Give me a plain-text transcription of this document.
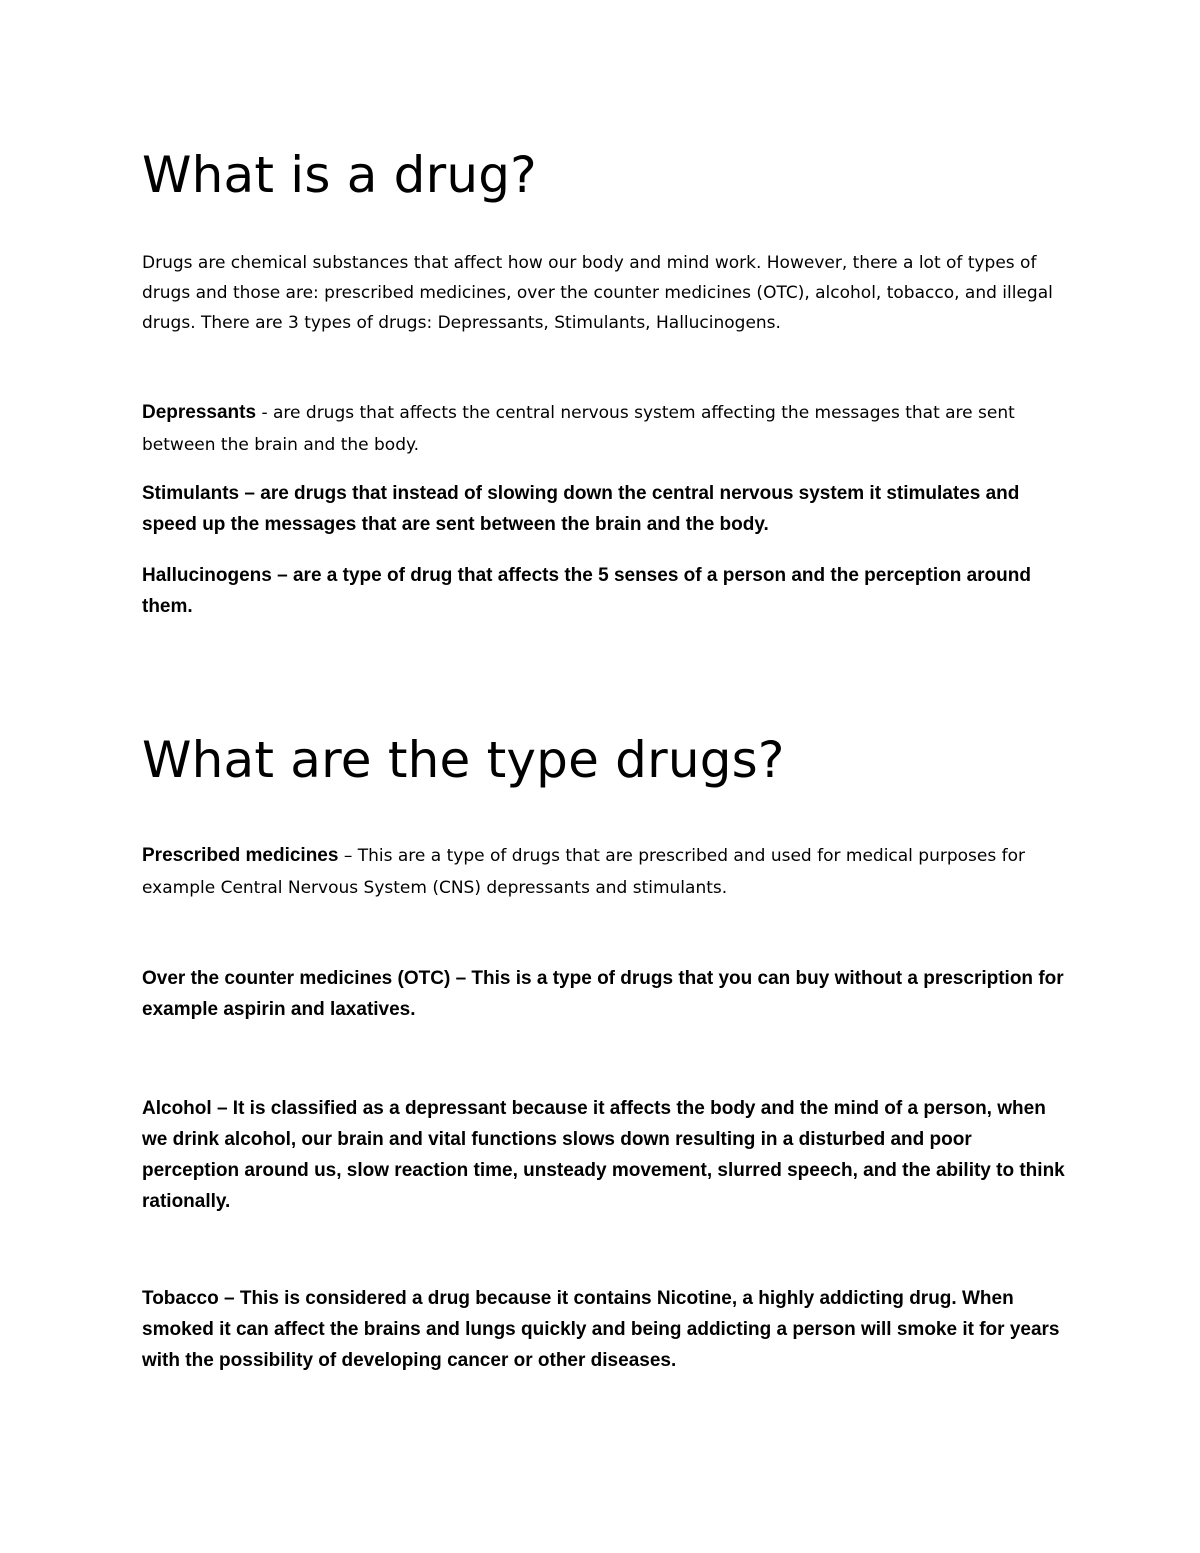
What is a drug?

Drugs are chemical substances that affect how our body and mind work. However, there a lot of types of drugs and those are: prescribed medicines, over the counter medicines (OTC), alcohol, tobacco, and illegal drugs. There are 3 types of drugs: Depressants, Stimulants, Hallucinogens.

Depressants - are drugs that affects the central nervous system affecting the messages that are sent between the brain and the body.

Stimulants – are drugs that instead of slowing down the central nervous system it stimulates and speed up the messages that are sent between the brain and the body.

Hallucinogens – are a type of drug that affects the 5 senses of a person and the perception around them.

What are the type drugs?

Prescribed medicines – This are a type of drugs that are prescribed and used for medical purposes for example Central Nervous System (CNS) depressants and stimulants.

Over the counter medicines (OTC) – This is a type of drugs that you can buy without a prescription for example aspirin and laxatives.

Alcohol – It is classified as a depressant because it affects the body and the mind of a person, when we drink alcohol, our brain and vital functions slows down resulting in a disturbed and poor perception around us, slow reaction time, unsteady movement, slurred speech, and the ability to think rationally.

Tobacco – This is considered a drug because it contains Nicotine, a highly addicting drug. When smoked it can affect the brains and lungs quickly and being addicting a person will smoke it for years with the possibility of developing cancer or other diseases.
